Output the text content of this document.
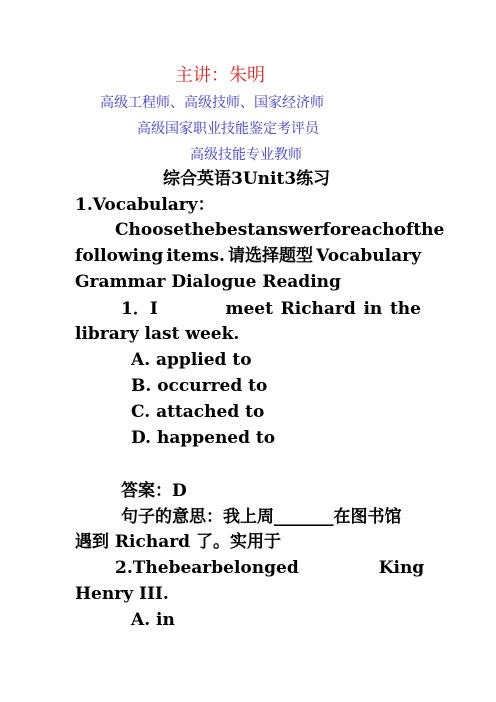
主讲：朱明
高级工程师、高级技师、国家经济师
高级国家职业技能鉴定考评员
高级技能专业教师
综合英语3Unit3练习
1.Vocabulary：
Choose the best answer for each of the
following items. 请选择题型 Vocabulary
Grammar Dialogue Reading
1．I	meet Richard in the
library last week.
A. applied to
B. occurred to
C. attached to
D. happened to
答案：D
句子的意思：我上周_______在图书馆
遇到 Richard 了。实用于
2. The bear belonged	King
Henry III.
A. in
